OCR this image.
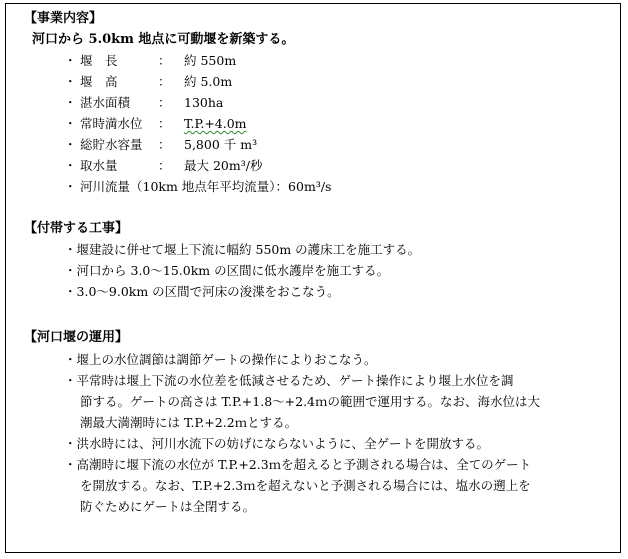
【事業内容】
河口から 5.0km 地点に可動堰を新築する。
・ 堰　長	： 約 550m
・ 堰　高	： 約 5.0m
・ 湛水面積 ： 130ha
・ 常時満水位 ： T.P.+4.0m
・ 総貯水容量 ： 5,800 千 m³
・ 取水量	： 最大 20m³/秒
・ 河川流量（10km 地点年平均流量）：60m³/s
【付帯する工事】
・堰建設に併せて堰上下流に幅約 550m の護床工を施工する。
・河口から 3.0～15.0km の区間に低水護岸を施工する。
・3.0～9.0km の区間で河床の浚渫をおこなう。
【河口堰の運用】
・堰上の水位調節は調節ゲートの操作によりおこなう。
・平常時は堰上下流の水位差を低減させるため、ゲート操作により堰上水位を調
節する。ゲートの高さは T.P.+1.8～+2.4ｍの範囲で運用する。なお、海水位は大
潮最大満潮時には T.P.+2.2ｍとする。
・洪水時には、河川水流下の妨げにならないように、全ゲートを開放する。
・高潮時に堰下流の水位が T.P.+2.3ｍを超えると予測される場合は、全てのゲート
を開放する。なお、T.P.+2.3ｍを超えないと予測される場合には、塩水の遡上を
防ぐためにゲートは全閉する。
